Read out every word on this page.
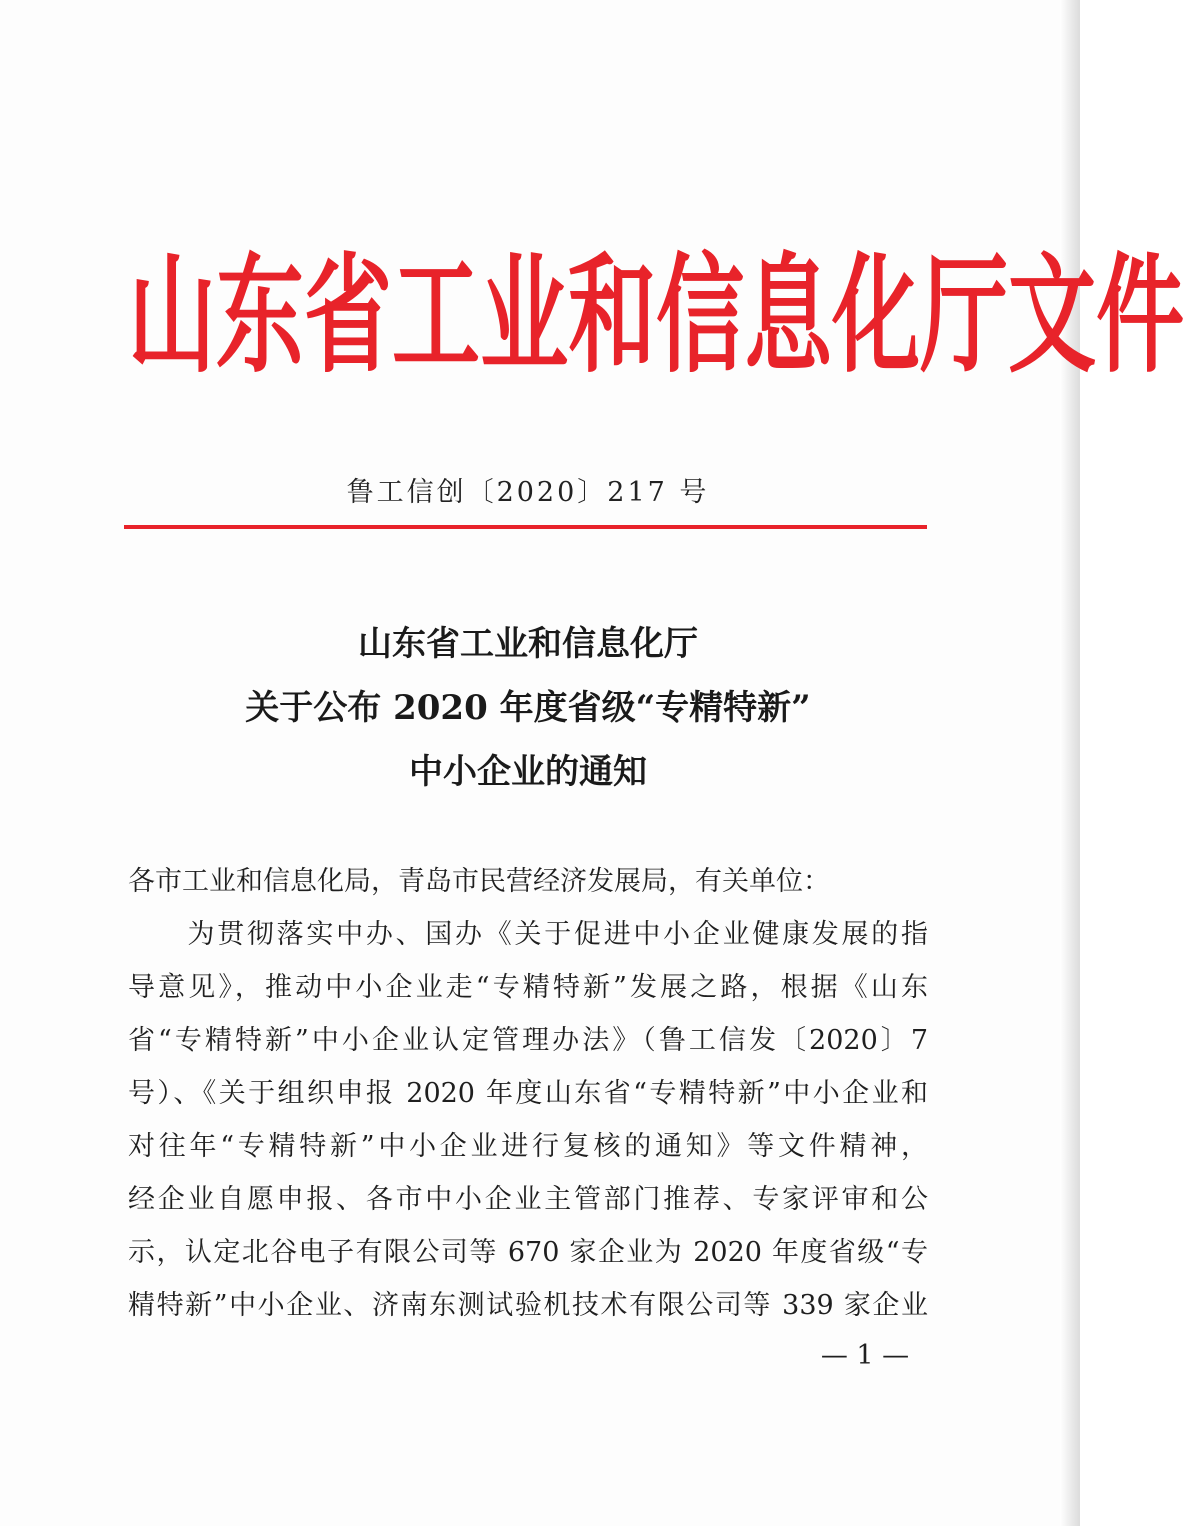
山 东 省 工 业 和 信 息 化 厅 文 件
鲁工信创〔2020〕217 号
山东省工业和信息化厅
关于公布 2020 年度省级“专精特新”
中小企业的通知
各市工业和信息化局，青岛市民营经济发展局，有关单位：
　　为贯彻落实中办、国办《关于促进中小企业健康发展的指
导意见》，推动中小企业走“专精特新”发展之路，根据《山东
省“专精特新”中小企业认定管理办法》（鲁工信发〔2020〕7
号）、《关于组织申报 2020 年度山东省“专精特新”中小企业和
对往年“专精特新”中小企业进行复核的通知》等文件精神，
经企业自愿申报、各市中小企业主管部门推荐、专家评审和公
示，认定北谷电子有限公司等 670 家企业为 2020 年度省级“专
精特新”中小企业、济南东测试验机技术有限公司等 339 家企业
— 1 —
